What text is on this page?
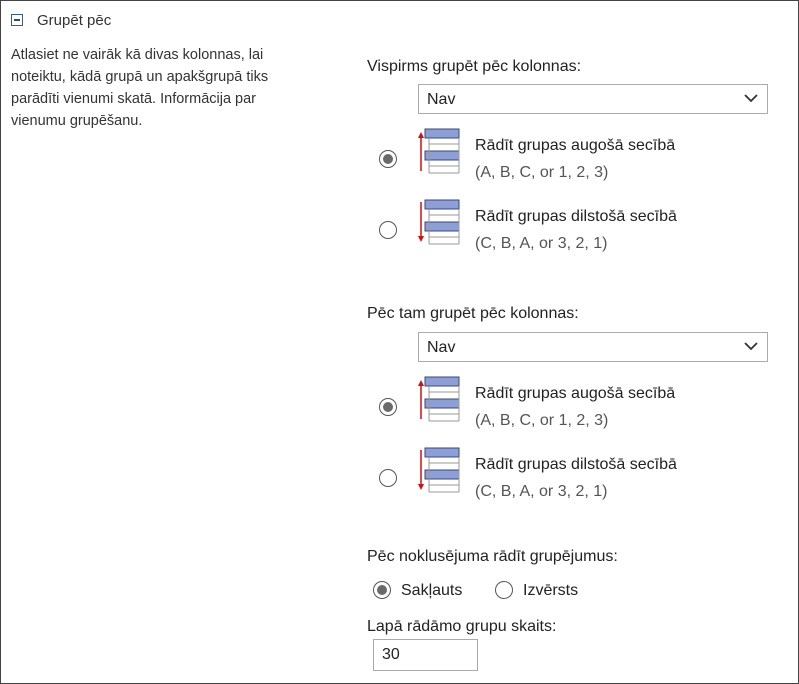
Grupēt pēc
Atlasiet ne vairāk kā divas kolonnas, lai noteiktu, kādā grupā un apakšgrupā tiks parādīti vienumi skatā. Informācija par vienumu grupēšanu.
Vispirms grupēt pēc kolonnas:
Nav
Rādīt grupas augošā secībā
(A, B, C, or 1, 2, 3)
Rādīt grupas dilstošā secībā
(C, B, A, or 3, 2, 1)
Pēc tam grupēt pēc kolonnas:
Nav
Rādīt grupas augošā secībā
(A, B, C, or 1, 2, 3)
Rādīt grupas dilstošā secībā
(C, B, A, or 3, 2, 1)
Pēc noklusējuma rādīt grupējumus:
Sakļauts	Izvērsts
Lapā rādāmo grupu skaits:
30
